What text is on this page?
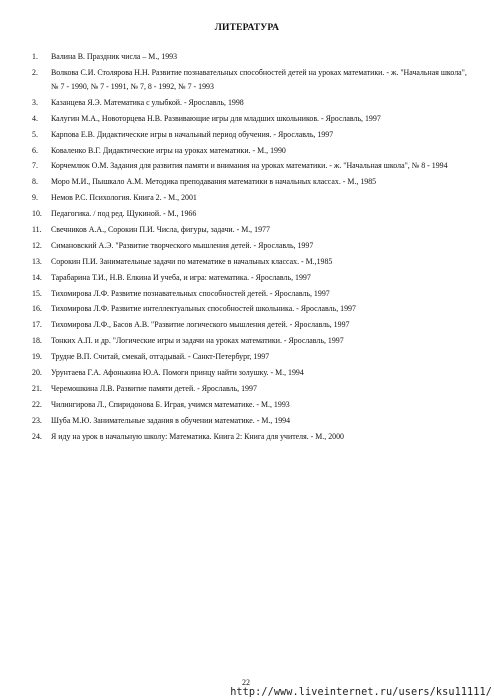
ЛИТЕРАТУРА
1. Валина В. Праздник числа – М., 1993
2. Волкова С.И. Столярова Н.Н. Развитие познавательных способностей детей на уроках математики. - ж. "Начальная школа", № 7 - 1990, № 7 - 1991, № 7, 8 - 1992, № 7 - 1993
3. Казанцева Я.Э. Математика с улыбкой. - Ярославль, 1998
4. Калугин М.А., Новоторцева Н.В. Развивающие игры для младших школьников. - Ярославль, 1997
5. Карпова Е.В. Дидактические игры в начальный период обучения. - Ярославль, 1997
6. Коваленко В.Г. Дидактические игры на уроках математики. - М., 1990
7. Корчемлюк О.М. Задания для развития памяти и внимания на уроках математики. - ж. "Начальная школа", № 8 - 1994
8. Моро М.И., Пышкало А.М. Методика преподавания математики в начальных классах. - М., 1985
9. Немов Р.С. Психология. Книга 2. - М., 2001
10. Педагогика. / под ред. Щукиной. - М., 1966
11. Свечников А.А., Сорокин П.И. Числа, фигуры, задачи. - М., 1977
12. Симановский А.Э. "Развитие творческого мышления детей. - Ярославль, 1997
13. Сорокин П.И. Занимательные задачи по математике в начальных классах. - М.,1985
14. Тарабарина Т.И., Н.В. Елкина И учеба, и игра: математика. - Ярославль, 1997
15. Тихомирова Л.Ф. Развитие познавательных способностей детей. - Ярославль, 1997
16. Тихомирова Л.Ф. Развитие интеллектуальных способностей школьника. - Ярославль, 1997
17. Тихомирова Л.Ф., Басов А.В. "Развитие логического мышления детей. - Ярославль, 1997
18. Тонких А.П. и др. "Логические игры и задачи на уроках математики. - Ярославль, 1997
19. Трудне В.П. Считай, смекай, отгадывай. - Санкт-Петербург, 1997
20. Урунтаева Г.А. Афонькина Ю.А. Помоги принцу найти золушку. - М., 1994
21. Черемошкина Л.В. Развитие памяти детей. - Ярославль, 1997
22. Чилингирова Л., Спиридонова Б. Играя, учимся математике. - М., 1993
23. Шуба М.Ю. Занимательные задания в обучении математике. - М., 1994
24. Я иду на урок в начальную школу: Математика. Книга 2: Книга для учителя. - М., 2000
22
http://www.liveinternet.ru/users/ksu11111/
